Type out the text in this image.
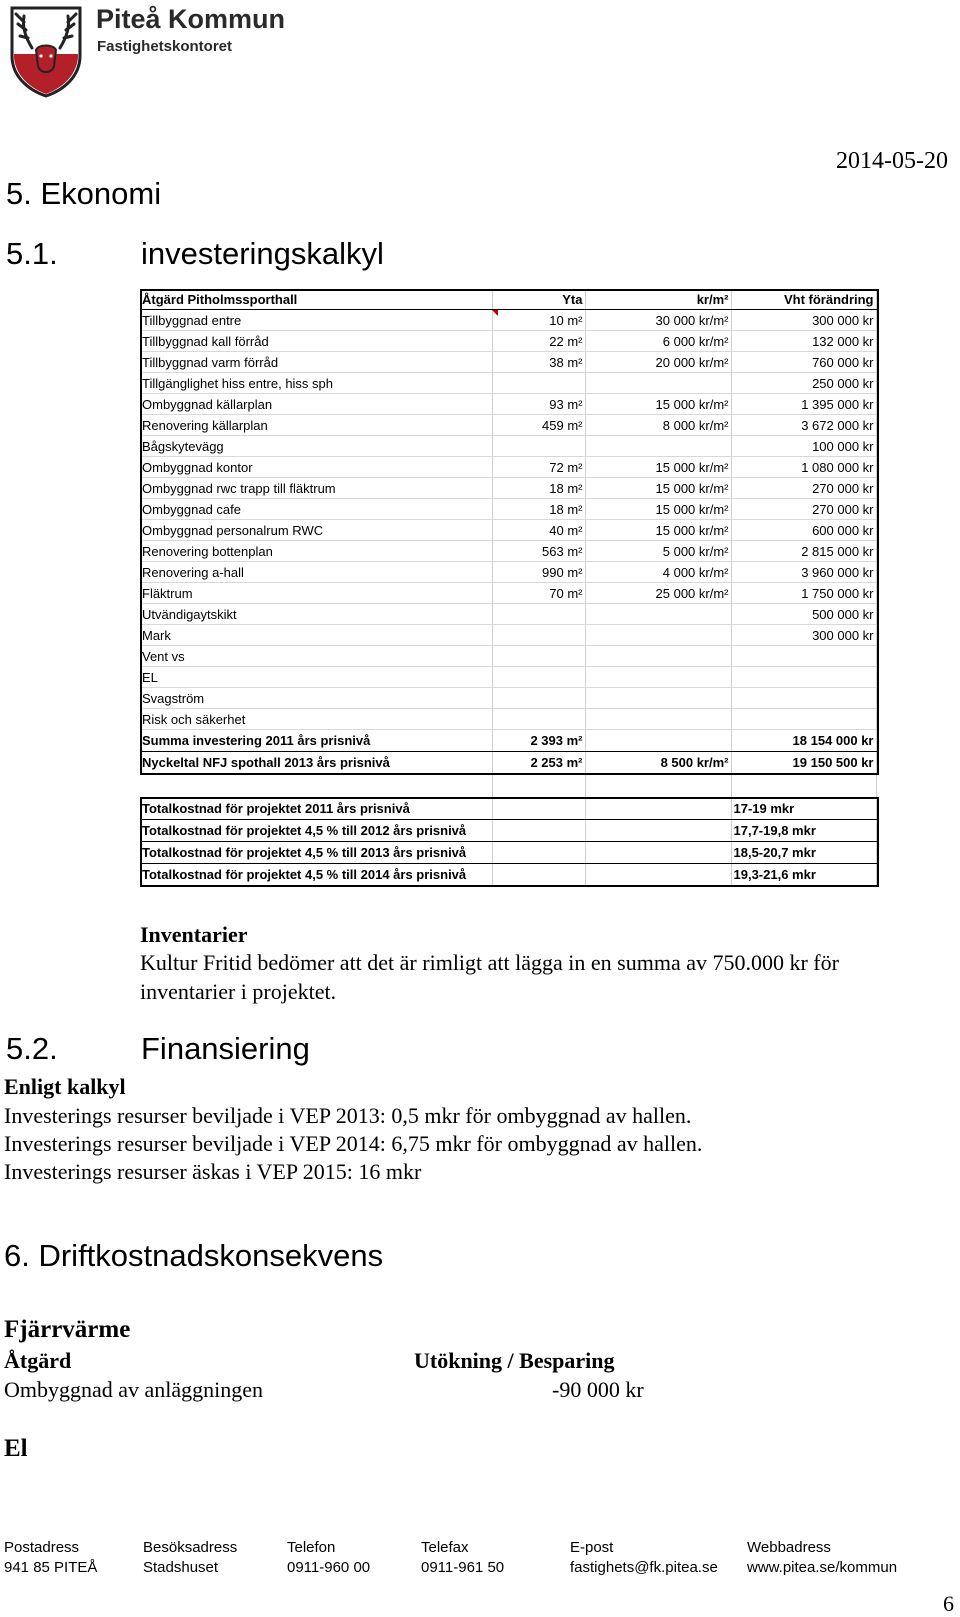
Piteå Kommun
Fastighetskontoret
2014-05-20
5. Ekonomi
5.1.	investeringskalkyl
Åtgärd Pitholmssporthall	Yta	kr/m²	Vht förändring
Tillbyggnad entre	10 m²	30 000 kr/m²	300 000 kr
Tillbyggnad kall förråd	22 m²	6 000 kr/m²	132 000 kr
Tillbyggnad varm förråd	38 m²	20 000 kr/m²	760 000 kr
Tillgänglighet hiss entre, hiss sph			250 000 kr
Ombyggnad källarplan	93 m²	15 000 kr/m²	1 395 000 kr
Renovering källarplan	459 m²	8 000 kr/m²	3 672 000 kr
Bågskytevägg			100 000 kr
Ombyggnad kontor	72 m²	15 000 kr/m²	1 080 000 kr
Ombyggnad rwc trapp till fläktrum	18 m²	15 000 kr/m²	270 000 kr
Ombyggnad cafe	18 m²	15 000 kr/m²	270 000 kr
Ombyggnad personalrum RWC	40 m²	15 000 kr/m²	600 000 kr
Renovering bottenplan	563 m²	5 000 kr/m²	2 815 000 kr
Renovering a-hall	990 m²	4 000 kr/m²	3 960 000 kr
Fläktrum	70 m²	25 000 kr/m²	1 750 000 kr
Utvändigaytskikt			500 000 kr
Mark			300 000 kr
Vent vs			
EL			
Svagström			
Risk och säkerhet			
Summa investering 2011 års prisnivå	2 393 m²		18 154 000 kr
Nyckeltal NFJ spothall 2013 års prisnivå	2 253 m²	8 500 kr/m²	19 150 500 kr

Totalkostnad för projektet 2011 års prisnivå			17-19 mkr
Totalkostnad för projektet 4,5 % till 2012 års prisnivå			17,7-19,8 mkr
Totalkostnad för projektet 4,5 % till 2013 års prisnivå			18,5-20,7 mkr
Totalkostnad för projektet 4,5 % till 2014 års prisnivå			19,3-21,6 mkr
Inventarier
Kultur Fritid bedömer att det är rimligt att lägga in en summa av 750.000 kr för
inventarier i projektet.
5.2.	Finansiering
Enligt kalkyl
Investerings resurser beviljade i VEP 2013: 0,5 mkr för ombyggnad av hallen.
Investerings resurser beviljade i VEP 2014: 6,75 mkr för ombyggnad av hallen.
Investerings resurser äskas i VEP 2015: 16 mkr
6. Driftkostnadskonsekvens
Fjärrvärme
Åtgärd	Utökning / Besparing
Ombyggnad av anläggningen	-90 000 kr
El
Postadress	Besöksadress	Telefon	Telefax	E-post	Webbadress
941 85 PITEÅ	Stadshuset	0911-960 00	0911-961 50	fastighets@fk.pitea.se www.pitea.se/kommun
6
